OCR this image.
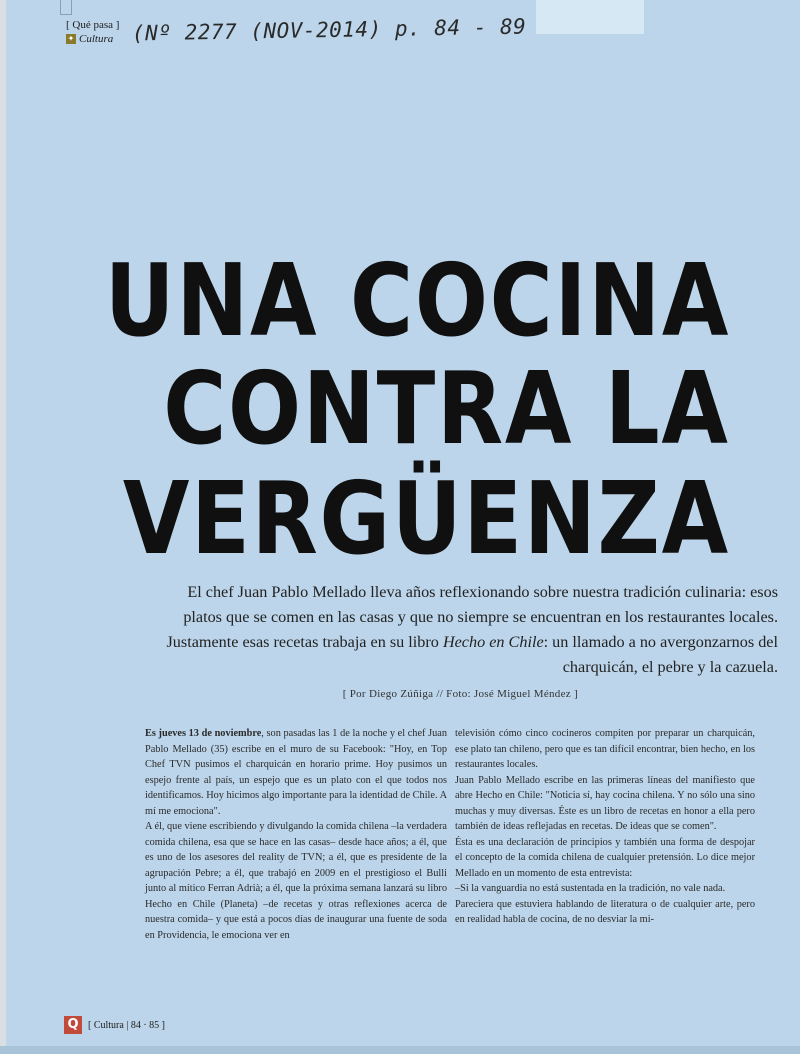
[ Qué pasa ]
✦ Cultura (Nº 2277 (NOV-2014) p. 84 - 89
UNA COCINA
CONTRA LA
VERGÜENZA
El chef Juan Pablo Mellado lleva años reflexionando sobre nuestra tradición culinaria: esos platos que se comen en las casas y que no siempre se encuentran en los restaurantes locales. Justamente esas recetas trabaja en su libro Hecho en Chile: un llamado a no avergonzarnos del charquicán, el pebre y la cazuela.
[ Por Diego Zúñiga // Foto: José Miguel Méndez ]

Es jueves 13 de noviembre, son pasadas las 1 de la noche y el chef Juan Pablo Mellado (35) escribe en el muro de su Facebook: "Hoy, en Top Chef TVN pusimos el charquicán en horario prime. Hoy pusimos un espejo frente al país, un espejo que es un plato con el que todos nos identificamos. Hoy hicimos algo importante para la identidad de Chile. A mí me emociona".

A él, que viene escribiendo y divulgando la comida chilena –la verdadera comida chilena, esa que se hace en las casas– desde hace años; a él, que es uno de los asesores del reality de TVN; a él, que es presidente de la agrupación Pebre; a él, que trabajó en 2009 en el prestigioso el Bulli junto al mítico Ferran Adrià; a él, que la próxima semana lanzará su libro Hecho en Chile (Planeta) –de recetas y otras reflexiones acerca de nuestra comida– y que está a pocos días de inaugurar una fuente de soda en Providencia, le emociona ver en

televisión cómo cinco cocineros compiten por preparar un charquicán, ese plato tan chileno, pero que es tan difícil encontrar, bien hecho, en los restaurantes locales.

Juan Pablo Mellado escribe en las primeras líneas del manifiesto que abre Hecho en Chile: "Noticia sí, hay cocina chilena. Y no sólo una sino muchas y muy diversas. Éste es un libro de recetas en honor a ella pero también de ideas reflejadas en recetas. De ideas que se comen".

Ésta es una declaración de principios y también una forma de despojar el concepto de la comida chilena de cualquier pretensión. Lo dice mejor Mellado en un momento de esta entrevista:

–Si la vanguardia no está sustentada en la tradición, no vale nada.

Pareciera que estuviera hablando de literatura o de cualquier arte, pero en realidad habla de cocina, de no desviar la mi-

Q [ Cultura | 84 · 85 ]
